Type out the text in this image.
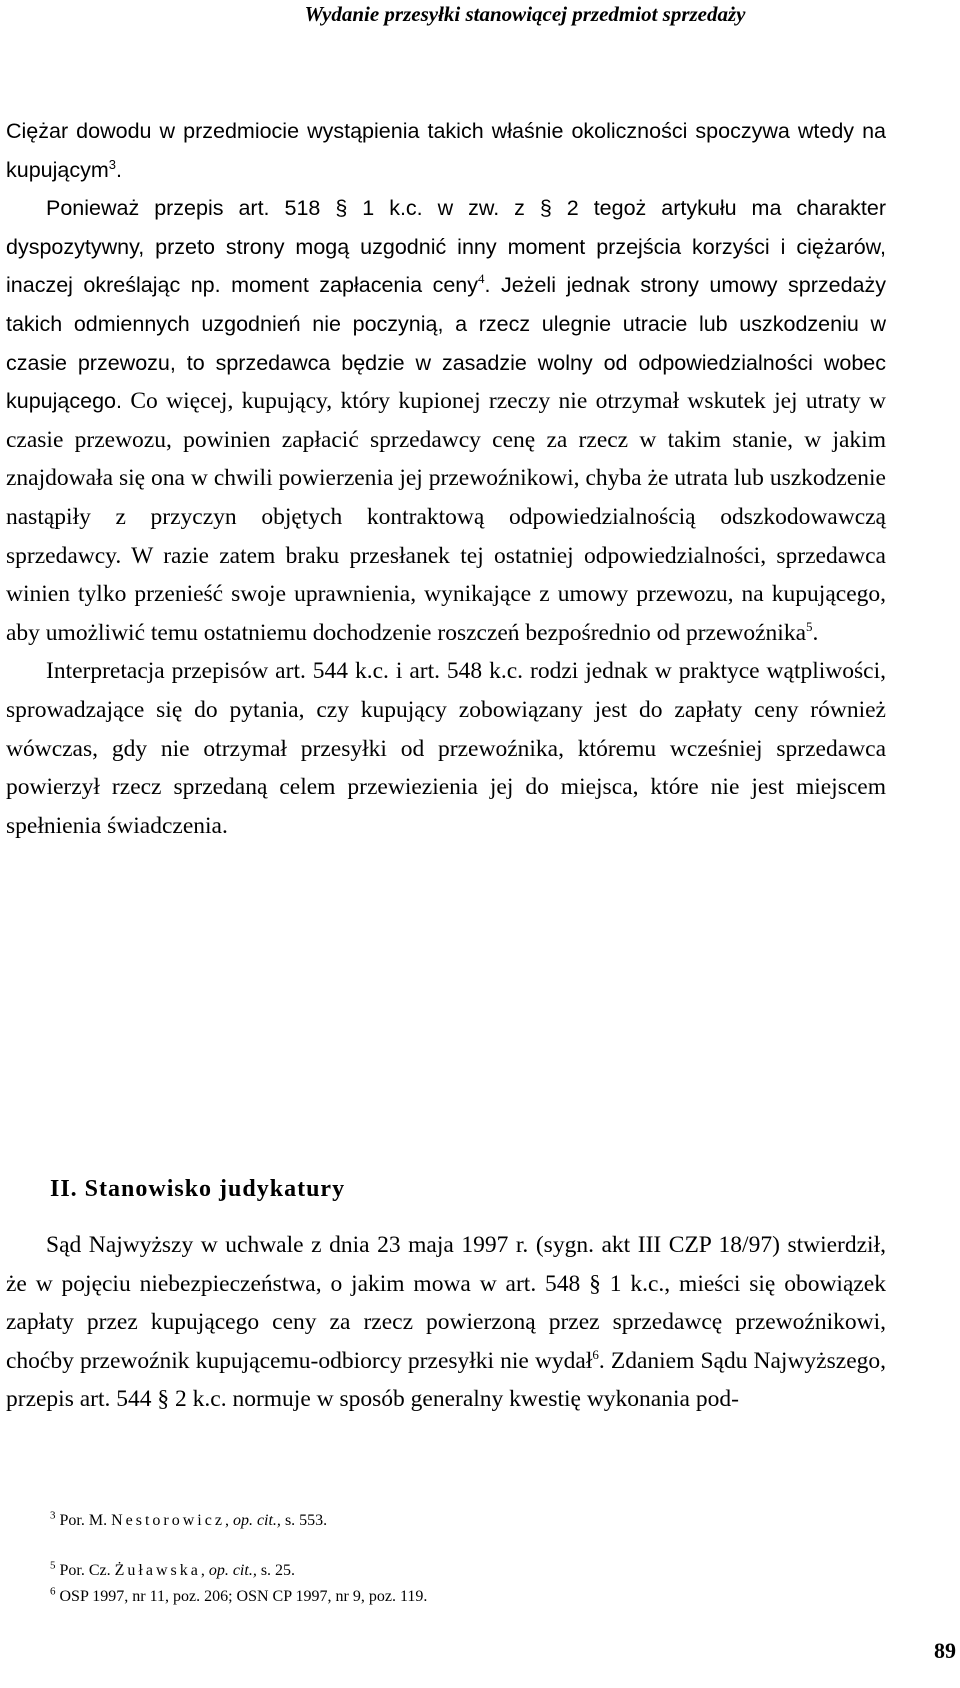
Wydanie przesyłki stanowiącej przedmiot sprzedaży

Ciężar dowodu w przedmiocie wystąpienia takich właśnie okoliczności spoczywa wtedy na kupującym$^3$.

Ponieważ przepis art. 518 § 1 k.c. w zw. z § 2 tegoż artykułu ma charakter dyspozytywny, przeto strony mogą uzgodnić inny moment przejścia korzyści i ciężarów, inaczej określając np. moment zapłacenia ceny$^4$. Jeżeli jednak strony umowy sprzedaży takich odmiennych uzgodnień nie poczynią, a rzecz ulegnie utracie lub uszkodzeniu w czasie przewozu, to sprzedawca będzie w zasadzie wolny od odpowiedzialności wobec kupującego. Co więcej, kupujący, który kupionej rzeczy nie otrzymał wskutek jej utraty w czasie przewozu, powinien zapłacić sprzedawcy cenę za rzecz w takim stanie, w jakim znajdowała się ona w chwili powierzenia jej przewoźnikowi, chyba że utrata lub uszkodzenie nastąpiły z przyczyn objętych kontraktową odpowiedzialnością odszkodowawczą sprzedawcy. W razie zatem braku przesłanek tej ostatniej odpowiedzialności, sprzedawca winien tylko przenieść swoje uprawnienia, wynikające z umowy przewozu, na kupującego, aby umożliwić temu ostatniemu dochodzenie roszczeń bezpośrednio od przewoźnika$^5$.

Interpretacja przepisów art. 544 k.c. i art. 548 k.c. rodzi jednak w praktyce wątpliwości, sprowadzające się do pytania, czy kupujący zobowiązany jest do zapłaty ceny również wówczas, gdy nie otrzymał przesyłki od przewoźnika, któremu wcześniej sprzedawca powierzył rzecz sprzedaną celem przewiezienia jej do miejsca, które nie jest miejscem spełnienia świadczenia.

II. Stanowisko judykatury

Sąd Najwyższy w uchwale z dnia 23 maja 1997 r. (sygn. akt III CZP 18/97) stwierdził, że w pojęciu niebezpieczeństwa, o jakim mowa w art. 548 § 1 k.c., mieści się obowiązek zapłaty przez kupującego ceny za rzecz powierzoną przez sprzedawcę przewoźnikowi, choćby przewoźnik kupującemu-odbiorcy przesyłki nie wydał$^6$. Zdaniem Sądu Najwyższego, przepis art. 544 § 2 k.c. normuje w sposób generalny kwestię wykonania pod-

$^3$ Por. M. Nestorowicz, op. cit., s. 553.
$^5$ Por. Cz. Żuławska, op. cit., s. 25.
$^6$ OSP 1997, nr 11, poz. 206; OSN CP 1997, nr 9, poz. 119.
89
